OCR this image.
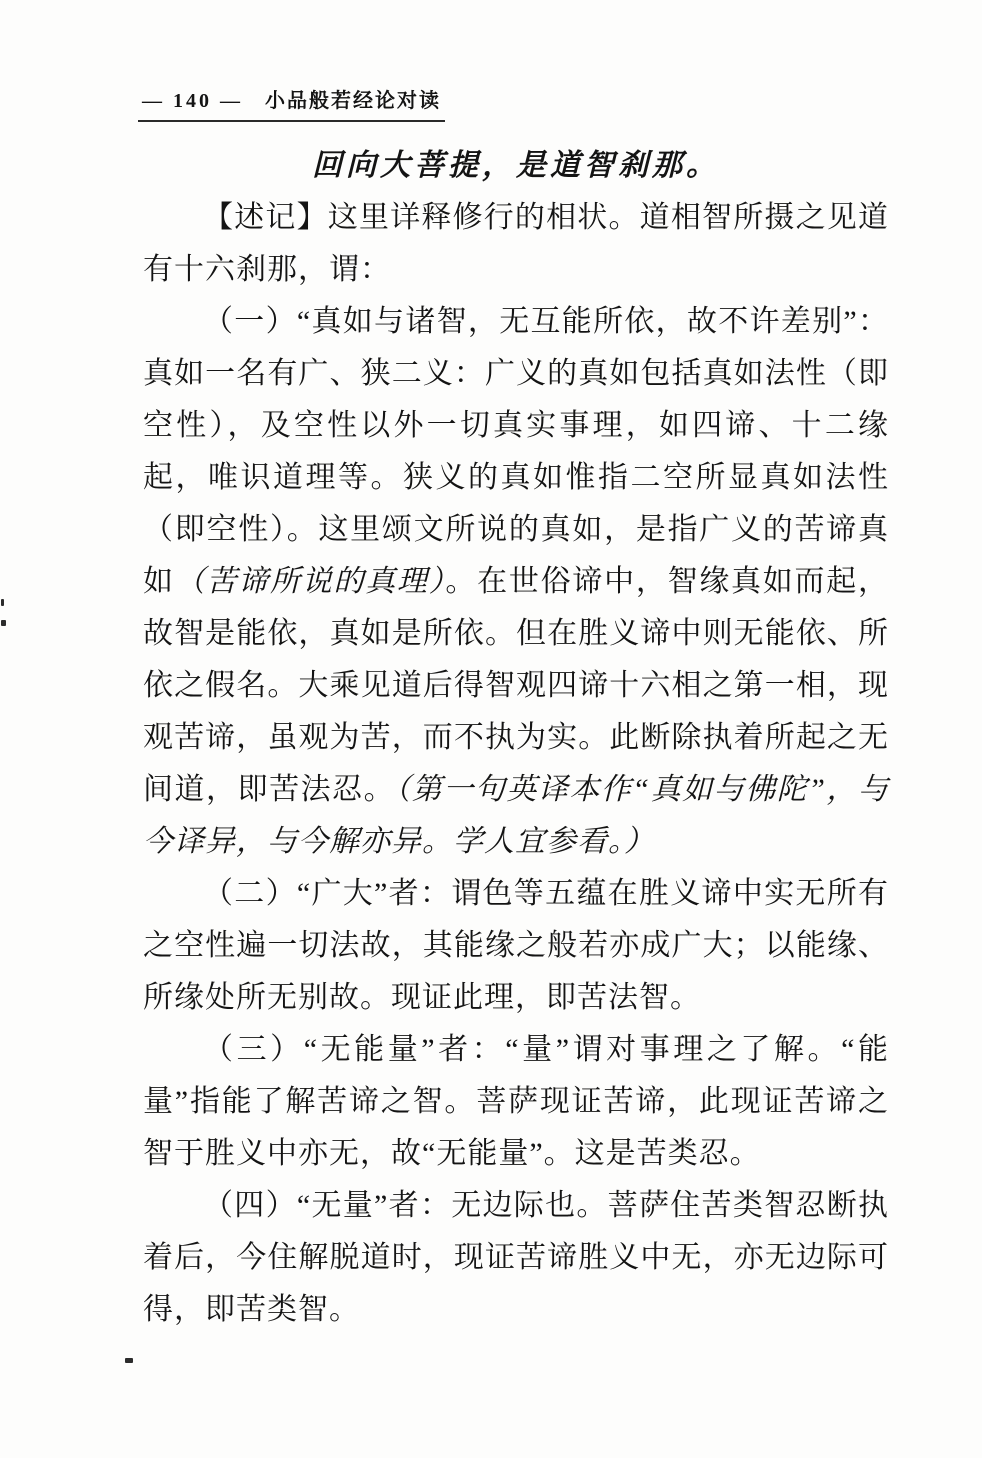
— 140 — 小品般若经论对读
回向大菩提，是道智刹那。

【述记】这里详释修行的相状。道相智所摄之见道有十六刹那，谓：

（一）“真如与诸智，无互能所依，故不许差别”：真如一名有广、狭二义：广义的真如包括真如法性（即空性），及空性以外一切真实事理，如四谛、十二缘起，唯识道理等。狭义的真如惟指二空所显真如法性（即空性）。这里颂文所说的真如，是指广义的苦谛真如（苦谛所说的真理）。在世俗谛中，智缘真如而起，故智是能依，真如是所依。但在胜义谛中则无能依、所依之假名。大乘见道后得智观四谛十六相之第一相，现观苦谛，虽观为苦，而不执为实。此断除执着所起之无间道，即苦法忍。（第一句英译本作“真如与佛陀”，与今译异，与今解亦异。学人宜参看。）

（二）“广大”者：谓色等五蕴在胜义谛中实无所有之空性遍一切法故，其能缘之般若亦成广大；以能缘、所缘处所无别故。现证此理，即苦法智。

（三）“无能量”者：“量”谓对事理之了解。“能量”指能了解苦谛之智。菩萨现证苦谛，此现证苦谛之智于胜义中亦无，故“无能量”。这是苦类忍。

（四）“无量”者：无边际也。菩萨住苦类智忍断执着后，今住解脱道时，现证苦谛胜义中无，亦无边际可得，即苦类智。
